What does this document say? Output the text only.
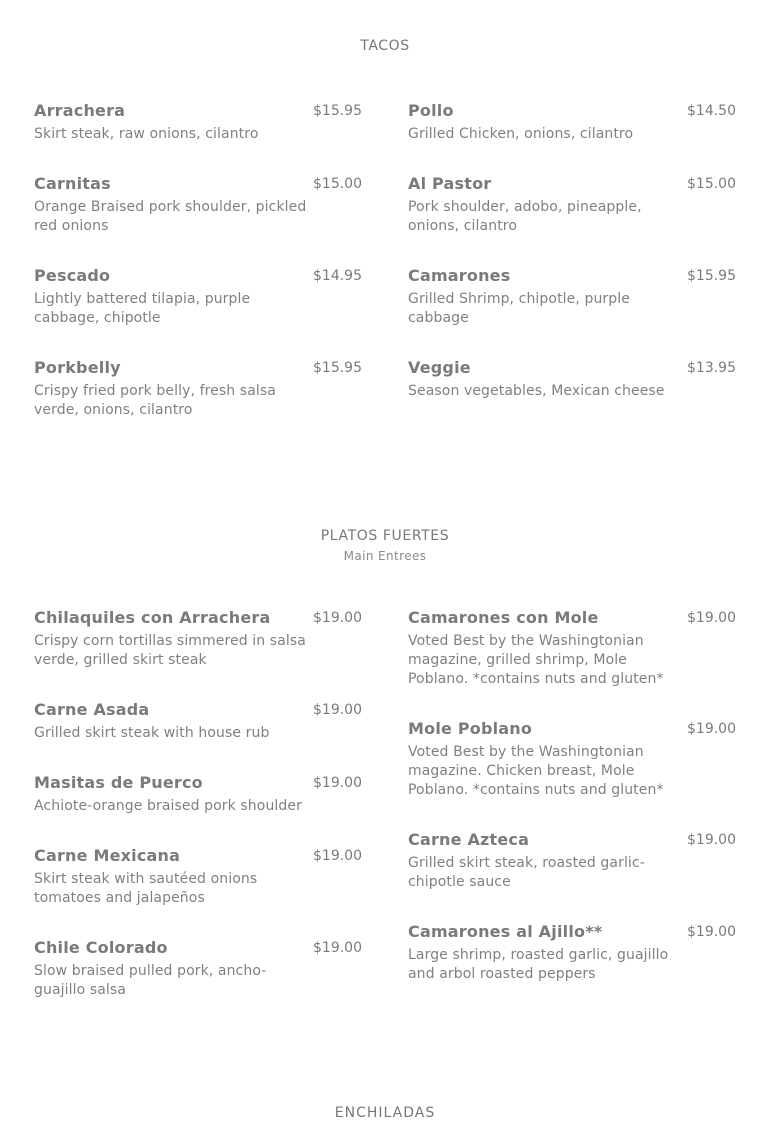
TACOS
Arrachera	$15.95
Skirt steak, raw onions, cilantro
Carnitas	$15.00
Orange Braised pork shoulder, pickled red onions
Pescado	$14.95
Lightly battered tilapia, purple cabbage, chipotle
Porkbelly	$15.95
Crispy fried pork belly, fresh salsa verde, onions, cilantro
Pollo	$14.50
Grilled Chicken, onions, cilantro
Al Pastor	$15.00
Pork shoulder, adobo, pineapple, onions, cilantro
Camarones	$15.95
Grilled Shrimp, chipotle, purple cabbage
Veggie	$13.95
Season vegetables, Mexican cheese
PLATOS FUERTES
Main Entrees
Chilaquiles con Arrachera	$19.00
Crispy corn tortillas simmered in salsa verde, grilled skirt steak
Carne Asada	$19.00
Grilled skirt steak with house rub
Masitas de Puerco	$19.00
Achiote-orange braised pork shoulder
Carne Mexicana	$19.00
Skirt steak with sautéed onions tomatoes and jalapeños
Chile Colorado	$19.00
Slow braised pulled pork, ancho-guajillo salsa
Camarones con Mole	$19.00
Voted Best by the Washingtonian magazine, grilled shrimp, Mole Poblano. *contains nuts and gluten*
Mole Poblano	$19.00
Voted Best by the Washingtonian magazine. Chicken breast, Mole Poblano. *contains nuts and gluten*
Carne Azteca	$19.00
Grilled skirt steak, roasted garlic-chipotle sauce
Camarones al Ajillo**	$19.00
Large shrimp, roasted garlic, guajillo and arbol roasted peppers
ENCHILADAS
